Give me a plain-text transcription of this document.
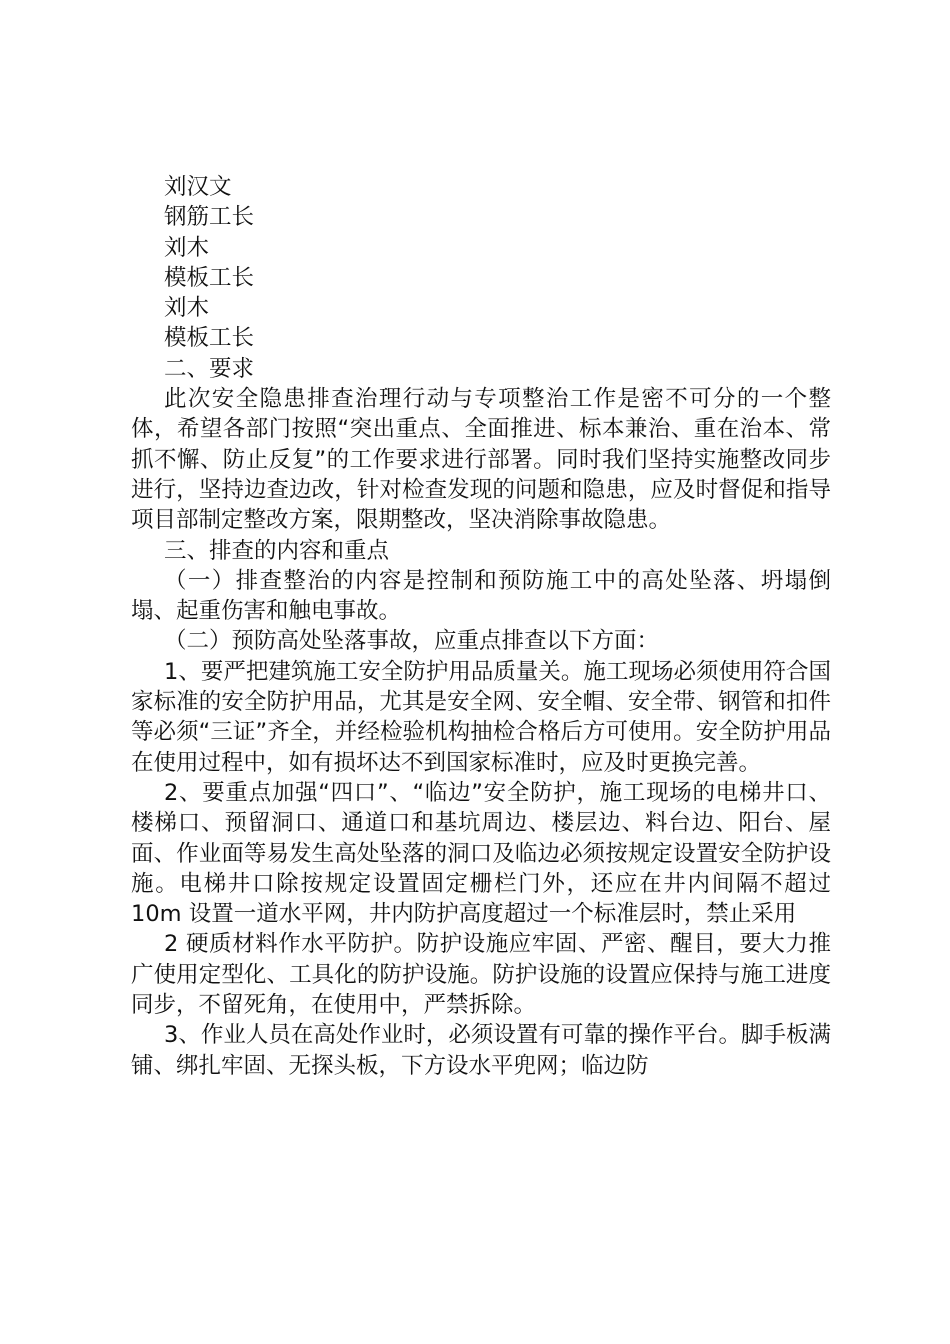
刘汉文

钢筋工长

刘木

模板工长

刘木

模板工长

二、要求

此次安全隐患排查治理行动与专项整治工作是密不可分的一个整体，希望各部门按照“突出重点、全面推进、标本兼治、重在治本、常抓不懈、防止反复”的工作要求进行部署。同时我们坚持实施整改同步进行，坚持边查边改，针对检查发现的问题和隐患，应及时督促和指导项目部制定整改方案，限期整改，坚决消除事故隐患。

三、排查的内容和重点

（一）排查整治的内容是控制和预防施工中的高处坠落、坍塌倒塌、起重伤害和触电事故。

（二）预防高处坠落事故，应重点排查以下方面：

1、要严把建筑施工安全防护用品质量关。施工现场必须使用符合国家标准的安全防护用品，尤其是安全网、安全帽、安全带、钢管和扣件等必须“三证”齐全，并经检验机构抽检合格后方可使用。安全防护用品在使用过程中，如有损坏达不到国家标准时，应及时更换完善。

2、要重点加强“四口”、“临边”安全防护，施工现场的电梯井口、楼梯口、预留洞口、通道口和基坑周边、楼层边、料台边、阳台、屋面、作业面等易发生高处坠落的洞口及临边必须按规定设置安全防护设施。电梯井口除按规定设置固定栅栏门外，还应在井内间隔不超过 10m 设置一道水平网，井内防护高度超过一个标准层时，禁止采用

2 硬质材料作水平防护。防护设施应牢固、严密、醒目，要大力推广使用定型化、工具化的防护设施。防护设施的设置应保持与施工进度同步，不留死角，在使用中，严禁拆除。

3、作业人员在高处作业时，必须设置有可靠的操作平台。脚手板满铺、绑扎牢固、无探头板，下方设水平兜网；临边防
